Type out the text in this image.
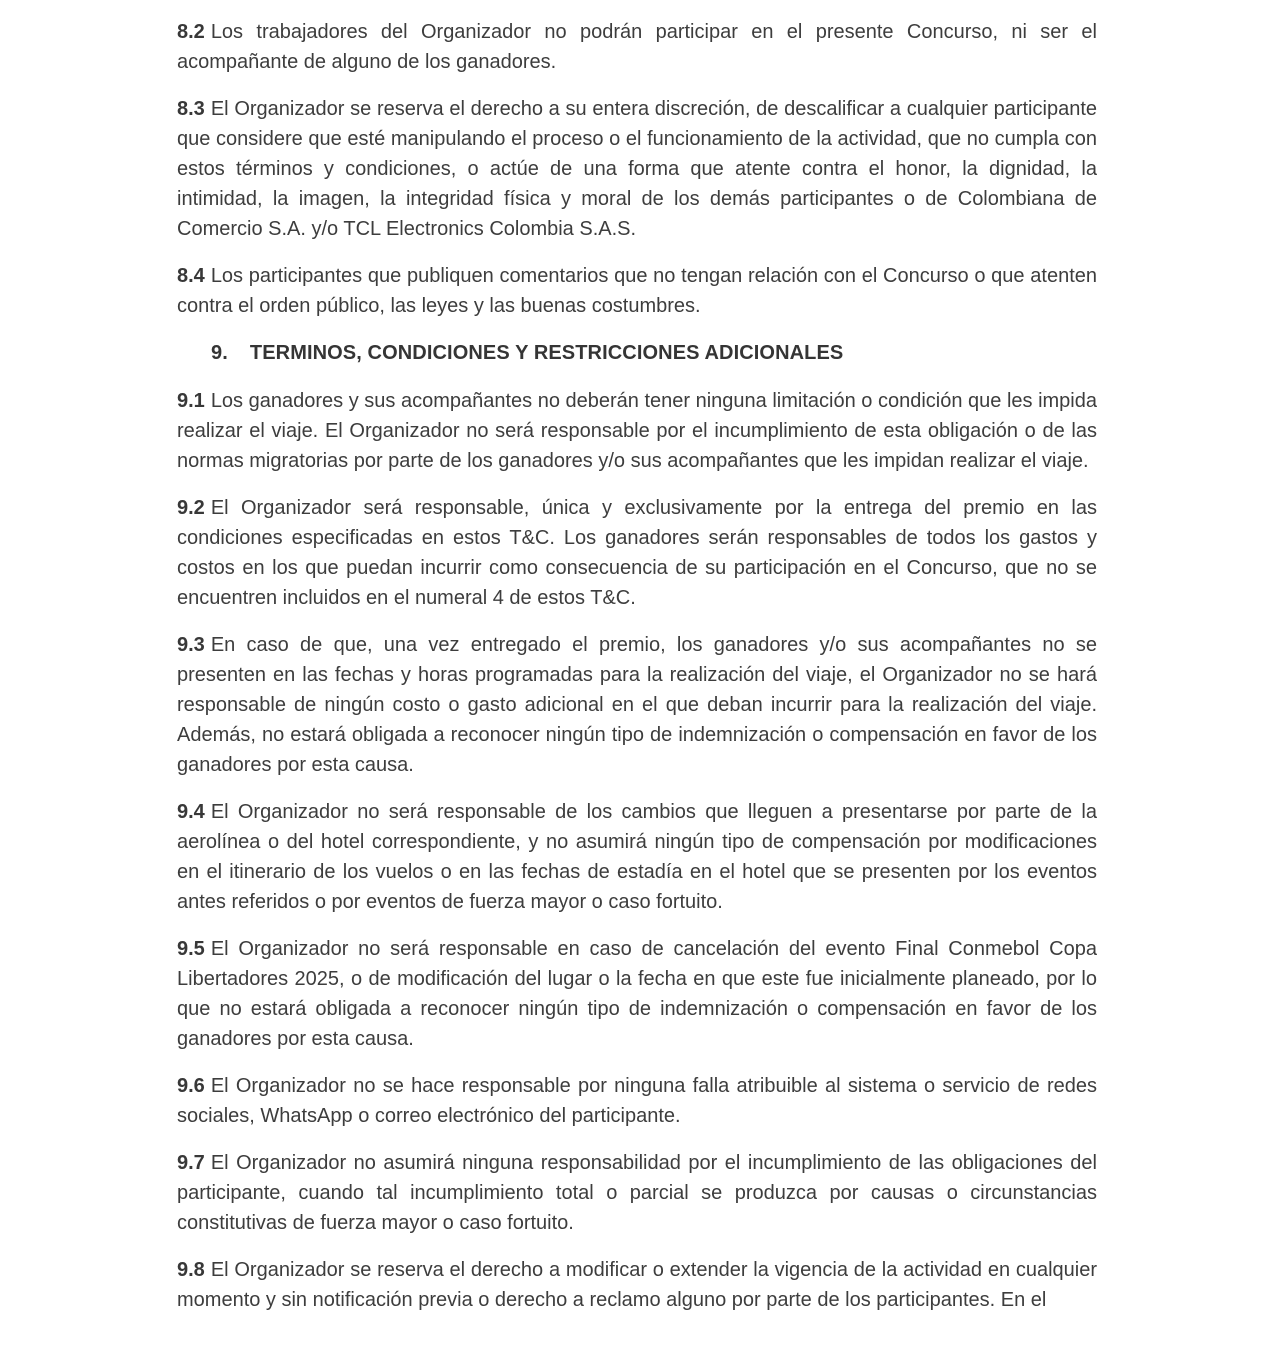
8.2 Los trabajadores del Organizador no podrán participar en el presente Concurso, ni ser el acompañante de alguno de los ganadores.

8.3 El Organizador se reserva el derecho a su entera discreción, de descalificar a cualquier participante que considere que esté manipulando el proceso o el funcionamiento de la actividad, que no cumpla con estos términos y condiciones, o actúe de una forma que atente contra el honor, la dignidad, la intimidad, la imagen, la integridad física y moral de los demás participantes o de Colombiana de Comercio S.A. y/o TCL Electronics Colombia S.A.S.

8.4 Los participantes que publiquen comentarios que no tengan relación con el Concurso o que atenten contra el orden público, las leyes y las buenas costumbres.

9. TERMINOS, CONDICIONES Y RESTRICCIONES ADICIONALES

9.1 Los ganadores y sus acompañantes no deberán tener ninguna limitación o condición que les impida realizar el viaje. El Organizador no será responsable por el incumplimiento de esta obligación o de las normas migratorias por parte de los ganadores y/o sus acompañantes que les impidan realizar el viaje.

9.2 El Organizador será responsable, única y exclusivamente por la entrega del premio en las condiciones especificadas en estos T&C. Los ganadores serán responsables de todos los gastos y costos en los que puedan incurrir como consecuencia de su participación en el Concurso, que no se encuentren incluidos en el numeral 4 de estos T&C.

9.3 En caso de que, una vez entregado el premio, los ganadores y/o sus acompañantes no se presenten en las fechas y horas programadas para la realización del viaje, el Organizador no se hará responsable de ningún costo o gasto adicional en el que deban incurrir para la realización del viaje. Además, no estará obligada a reconocer ningún tipo de indemnización o compensación en favor de los ganadores por esta causa.

9.4 El Organizador no será responsable de los cambios que lleguen a presentarse por parte de la aerolínea o del hotel correspondiente, y no asumirá ningún tipo de compensación por modificaciones en el itinerario de los vuelos o en las fechas de estadía en el hotel que se presenten por los eventos antes referidos o por eventos de fuerza mayor o caso fortuito.

9.5 El Organizador no será responsable en caso de cancelación del evento Final Conmebol Copa Libertadores 2025, o de modificación del lugar o la fecha en que este fue inicialmente planeado, por lo que no estará obligada a reconocer ningún tipo de indemnización o compensación en favor de los ganadores por esta causa.

9.6 El Organizador no se hace responsable por ninguna falla atribuible al sistema o servicio de redes sociales, WhatsApp o correo electrónico del participante.

9.7 El Organizador no asumirá ninguna responsabilidad por el incumplimiento de las obligaciones del participante, cuando tal incumplimiento total o parcial se produzca por causas o circunstancias constitutivas de fuerza mayor o caso fortuito.

9.8 El Organizador se reserva el derecho a modificar o extender la vigencia de la actividad en cualquier momento y sin notificación previa o derecho a reclamo alguno por parte de los participantes. En el
